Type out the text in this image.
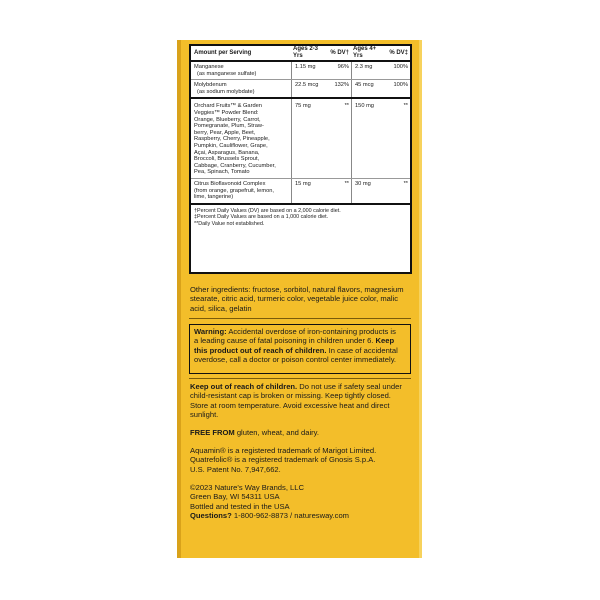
Amount per Serving
Ages 2-3 Yrs
% DV†
Ages 4+ Yrs
% DV‡
Manganese
(as manganese sulfate)
1.15 mg	96%	2.3 mg	100%
Molybdenum
(as sodium molybdate)
22.5 mcg	132%	45 mcg	100%
Orchard Fruits™ & Garden
Veggies™ Powder Blend:
Orange, Blueberry, Carrot,
Pomegranate, Plum, Straw-
berry, Pear, Apple, Beet,
Raspberry, Cherry, Pineapple,
Pumpkin, Cauliflower, Grape,
Açai, Asparagus, Banana,
Broccoli, Brussels Sprout,
Cabbage, Cranberry, Cucumber,
Pea, Spinach, Tomato
75 mg	**	150 mg	**
Citrus Bioflavonoid Complex
(from orange, grapefruit, lemon,
lime, tangerine)
15 mg	**	30 mg	**
†Percent Daily Values (DV) are based on a 2,000 calorie diet.
‡Percent Daily Values are based on a 1,000 calorie diet.
**Daily Value not established.
Other ingredients: fructose, sorbitol, natural flavors, magnesium
stearate, citric acid, turmeric color, vegetable juice color, malic
acid, silica, gelatin
Warning: Accidental overdose of iron-containing products is
a leading cause of fatal poisoning in children under 6. Keep
this product out of reach of children. In case of accidental
overdose, call a doctor or poison control center immediately.
Keep out of reach of children. Do not use if safety seal under
child-resistant cap is broken or missing. Keep tightly closed.
Store at room temperature. Avoid excessive heat and direct
sunlight.
FREE FROM gluten, wheat, and dairy.
Aquamin® is a registered trademark of Marigot Limited.
Quatrefolic® is a registered trademark of Gnosis S.p.A.
U.S. Patent No. 7,947,662.
©2023 Nature's Way Brands, LLC
Green Bay, WI 54311 USA
Bottled and tested in the USA
Questions? 1-800-962-8873 / naturesway.com
